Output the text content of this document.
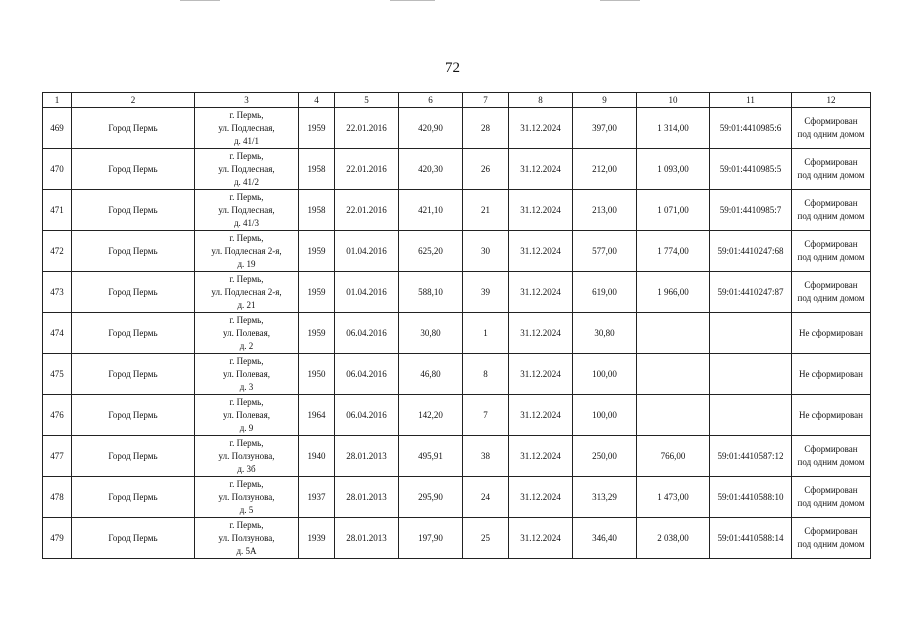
72
1	2	3	4	5	6	7	8	9	10	11	12
469	Город Пермь	г. Пермь,
ул. Подлесная,
д. 41/1	1959	22.01.2016	420,90	28	31.12.2024	397,00	1 314,00	59:01:4410985:6	Сформирован
под одним домом
470	Город Пермь	г. Пермь,
ул. Подлесная,
д. 41/2	1958	22.01.2016	420,30	26	31.12.2024	212,00	1 093,00	59:01:4410985:5	Сформирован
под одним домом
471	Город Пермь	г. Пермь,
ул. Подлесная,
д. 41/3	1958	22.01.2016	421,10	21	31.12.2024	213,00	1 071,00	59:01:4410985:7	Сформирован
под одним домом
472	Город Пермь	г. Пермь,
ул. Подлесная 2-я,
д. 19	1959	01.04.2016	625,20	30	31.12.2024	577,00	1 774,00	59:01:4410247:68	Сформирован
под одним домом
473	Город Пермь	г. Пермь,
ул. Подлесная 2-я,
д. 21	1959	01.04.2016	588,10	39	31.12.2024	619,00	1 966,00	59:01:4410247:87	Сформирован
под одним домом
474	Город Пермь	г. Пермь,
ул. Полевая,
д. 2	1959	06.04.2016	30,80	1	31.12.2024	30,80			Не сформирован
475	Город Пермь	г. Пермь,
ул. Полевая,
д. 3	1950	06.04.2016	46,80	8	31.12.2024	100,00			Не сформирован
476	Город Пермь	г. Пермь,
ул. Полевая,
д. 9	1964	06.04.2016	142,20	7	31.12.2024	100,00			Не сформирован
477	Город Пермь	г. Пермь,
ул. Ползунова,
д. 3б	1940	28.01.2013	495,91	38	31.12.2024	250,00	766,00	59:01:4410587:12	Сформирован
под одним домом
478	Город Пермь	г. Пермь,
ул. Ползунова,
д. 5	1937	28.01.2013	295,90	24	31.12.2024	313,29	1 473,00	59:01:4410588:10	Сформирован
под одним домом
479	Город Пермь	г. Пермь,
ул. Ползунова,
д. 5А	1939	28.01.2013	197,90	25	31.12.2024	346,40	2 038,00	59:01:4410588:14	Сформирован
под одним домом
